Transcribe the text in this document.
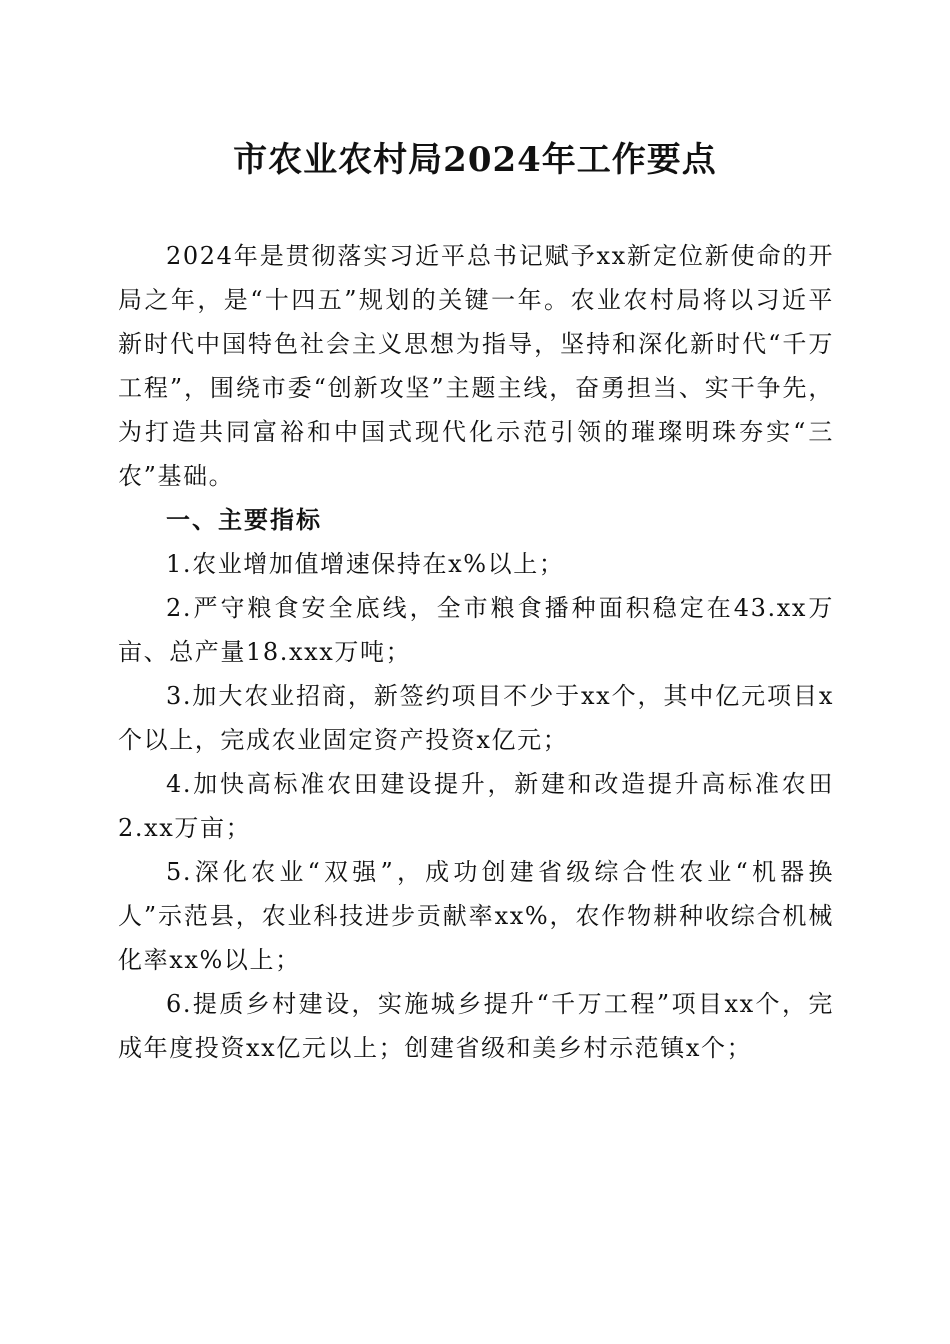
市农业农村局2024年工作要点

2024年是贯彻落实习近平总书记赋予xx新定位新使命的开局之年，是“十四五”规划的关键一年。农业农村局将以习近平新时代中国特色社会主义思想为指导，坚持和深化新时代“千万工程”，围绕市委“创新攻坚”主题主线，奋勇担当、实干争先，为打造共同富裕和中国式现代化示范引领的璀璨明珠夯实“三农”基础。

一、主要指标

1.农业增加值增速保持在x%以上；

2.严守粮食安全底线，全市粮食播种面积稳定在43.xx万亩、总产量18.xxx万吨；

3.加大农业招商，新签约项目不少于xx个，其中亿元项目x个以上，完成农业固定资产投资x亿元；

4.加快高标准农田建设提升，新建和改造提升高标准农田2.xx万亩；

5.深化农业“双强”，成功创建省级综合性农业“机器换人”示范县，农业科技进步贡献率xx%，农作物耕种收综合机械化率xx%以上；

6.提质乡村建设，实施城乡提升“千万工程”项目xx个，完成年度投资xx亿元以上；创建省级和美乡村示范镇x个；
